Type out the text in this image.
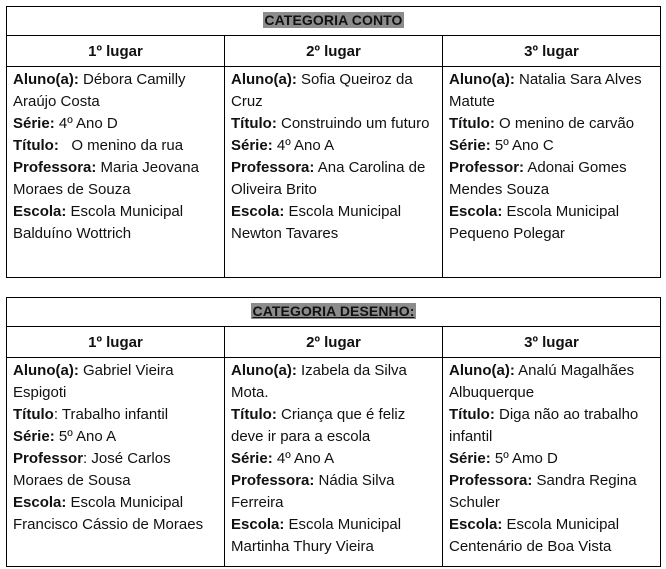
CATEGORIA CONTO		
1º lugar	2º lugar	3º lugar

Aluno(a): Débora Camilly Araújo Costa
Série: 4º Ano D
Título: O menino da rua
Professora: Maria Jeovana Moraes de Souza
Escola: Escola Municipal Balduíno Wottrich	Aluno(a): Sofia Queiroz da Cruz
Título: Construindo um futuro
Série: 4º Ano A
Professora: Ana Carolina de Oliveira Brito
Escola: Escola Municipal Newton Tavares	Aluno(a): Natalia Sara Alves Matute
Título: O menino de carvão
Série: 5º Ano C
Professor: Adonai Gomes Mendes Souza
Escola: Escola Municipal Pequeno Polegar
CATEGORIA DESENHO:		
1º lugar	2º lugar	3º lugar

Aluno(a): Gabriel Vieira Espigoti
Título: Trabalho infantil
Série: 5º Ano A
Professor: José Carlos Moraes de Sousa
Escola: Escola Municipal Francisco Cássio de Moraes	Aluno(a): Izabela da Silva Mota.
Título: Criança que é feliz deve ir para a escola
Série: 4º Ano A
Professora: Nádia Silva Ferreira
Escola: Escola Municipal Martinha Thury Vieira	Aluno(a): Analú Magalhães Albuquerque
Título: Diga não ao trabalho infantil
Série: 5º Amo D
Professora: Sandra Regina Schuler
Escola: Escola Municipal Centenário de Boa Vista
